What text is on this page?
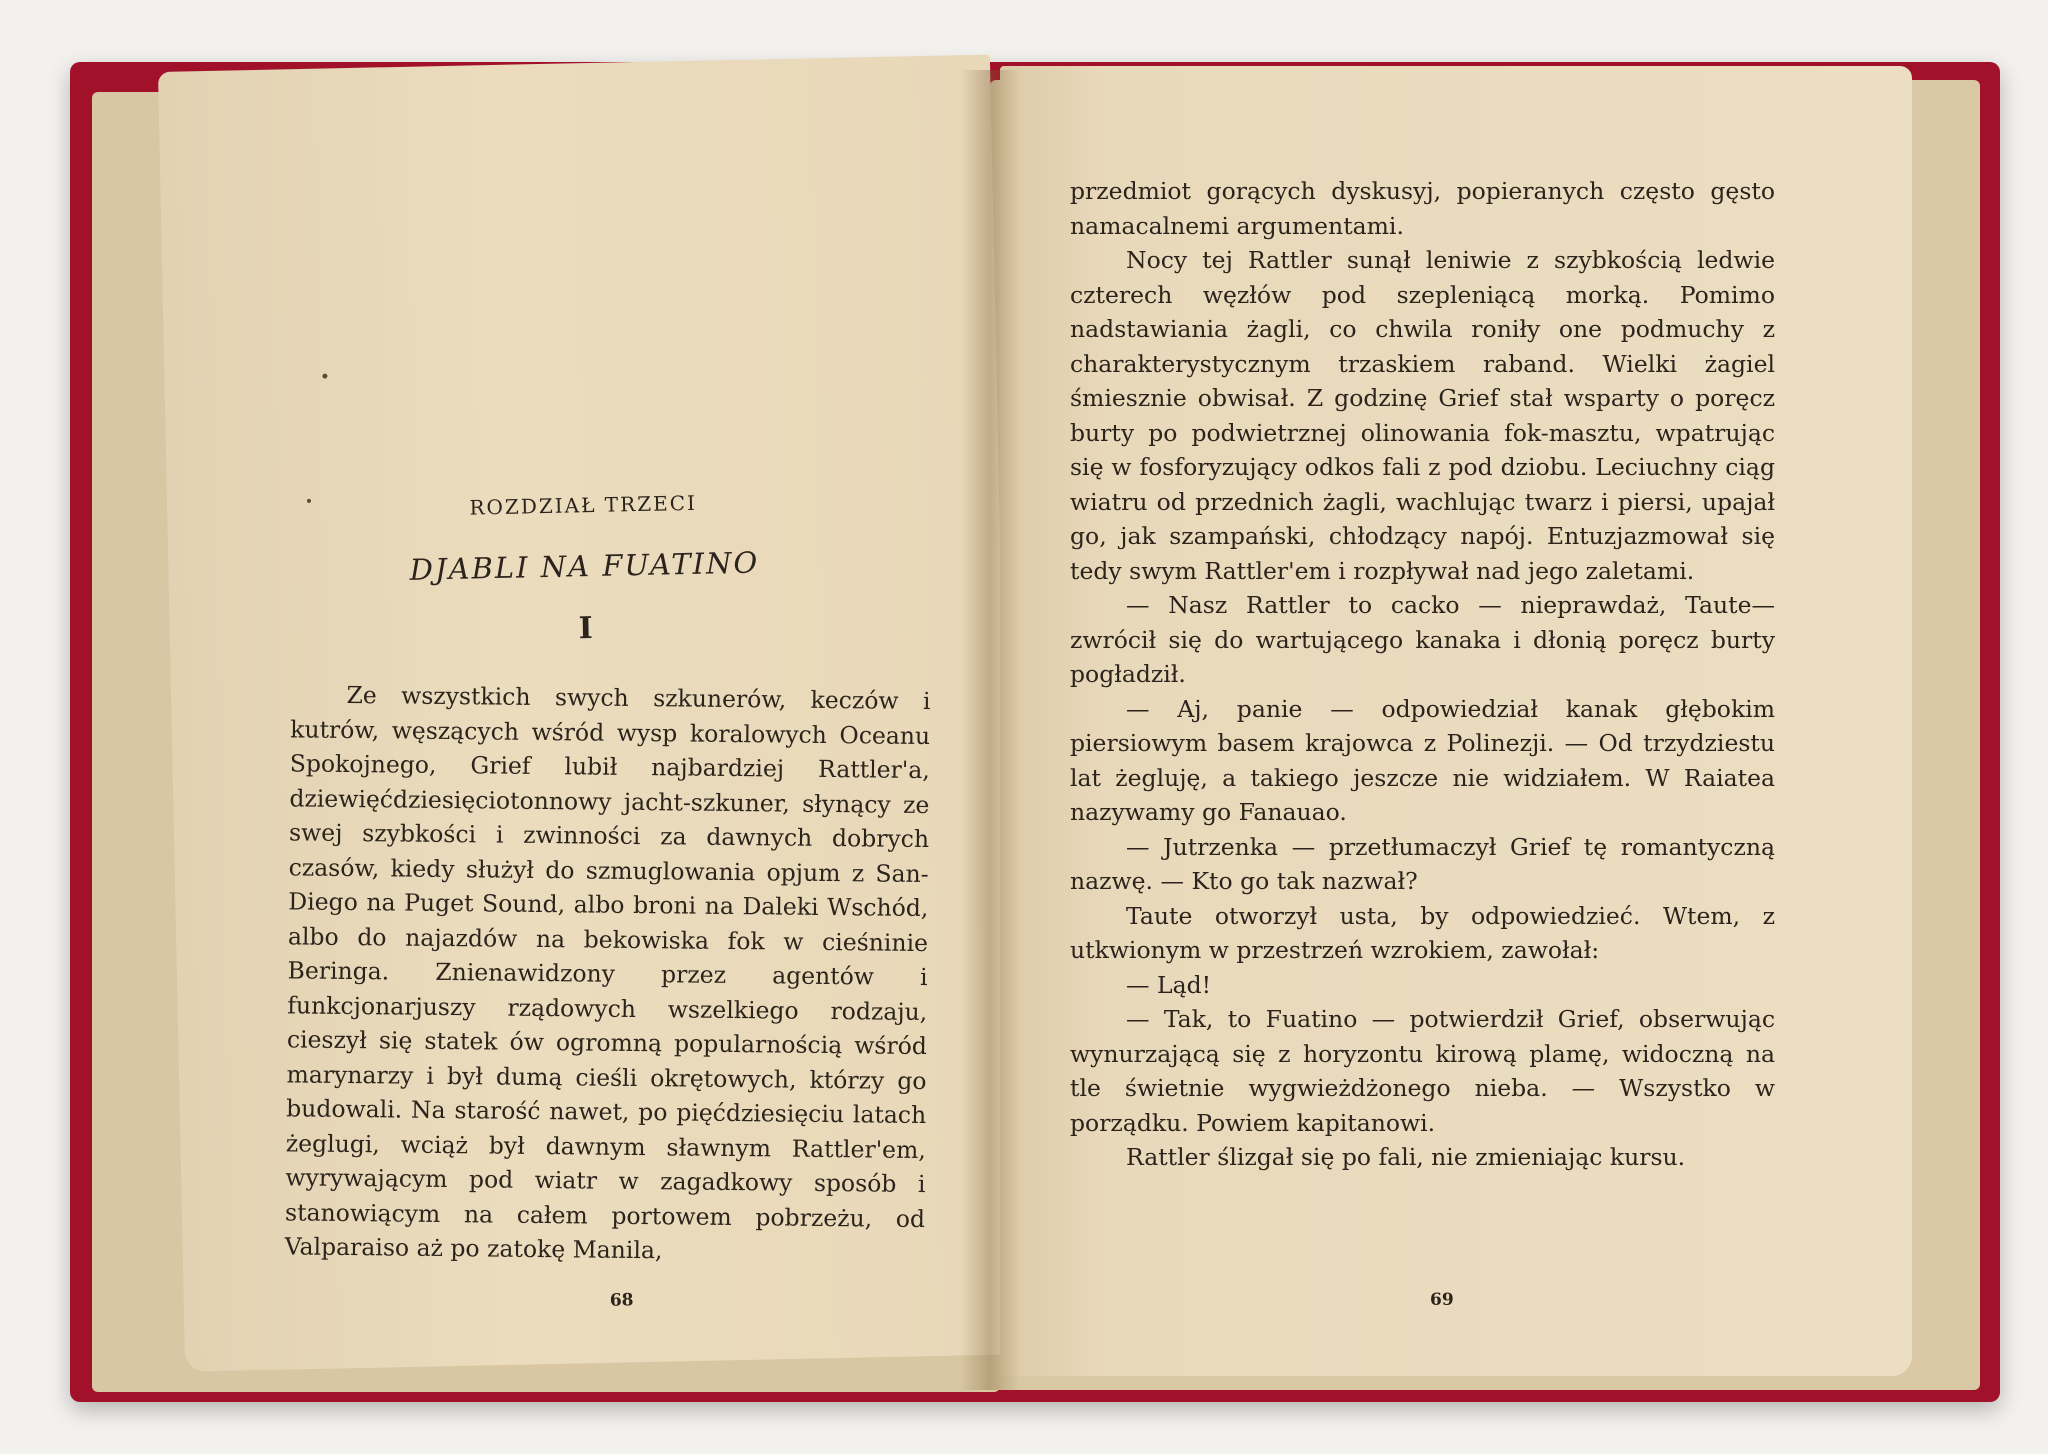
ROZDZIAŁ TRZECI
DJABLI NA FUATINO
I

Ze wszystkich swych szkunerów, keczów i kutrów, węszących wśród wysp koralowych Oceanu Spokojnego, Grief lubił najbardziej Rattler'a, dziewięćdziesięciotonnowy jacht-szkuner, słynący ze swej szybkości i zwinności za dawnych dobrych czasów, kiedy służył do szmuglowania opjum z San-Diego na Puget Sound, albo broni na Daleki Wschód, albo do najazdów na bekowiska fok w cieśninie Beringa. Znienawidzony przez agentów i funkcjonarjuszy rządowych wszelkiego rodzaju, cieszył się statek ów ogromną popularnością wśród marynarzy i był dumą cieśli okrętowych, którzy go budowali. Na starość nawet, po pięćdziesięciu latach żeglugi, wciąż był dawnym sławnym Rattler'em, wyrywającym pod wiatr w zagadkowy sposób i stanowiącym na całem portowem pobrzeżu, od Valparaiso aż po zatokę Manila,

68

przedmiot gorących dyskusyj, popieranych często gęsto namacalnemi argumentami.

Nocy tej Rattler sunął leniwie z szybkością ledwie czterech węzłów pod szepleniącą morką. Pomimo nadstawiania żagli, co chwila roniły one podmuchy z charakterystycznym trzaskiem raband. Wielki żagiel śmiesznie obwisał. Z godzinę Grief stał wsparty o poręcz burty po podwietrznej olinowania fok-masztu, wpatrując się w fosforyzujący odkos fali z pod dziobu. Leciuchny ciąg wiatru od przednich żagli, wachlując twarz i piersi, upajał go, jak szampański, chłodzący napój. Entuzjazmował się tedy swym Rattler'em i rozpływał nad jego zaletami.

— Nasz Rattler to cacko — nieprawdaż, Taute— zwrócił się do wartującego kanaka i dłonią poręcz burty pogładził.

— Aj, panie — odpowiedział kanak głębokim piersiowym basem krajowca z Polinezji. — Od trzydziestu lat żegluję, a takiego jeszcze nie widziałem. W Raiatea nazywamy go Fanauao.

— Jutrzenka — przetłumaczył Grief tę romantyczną nazwę. — Kto go tak nazwał?

Taute otworzył usta, by odpowiedzieć. Wtem, z utkwionym w przestrzeń wzrokiem, zawołał:

— Ląd!

— Tak, to Fuatino — potwierdził Grief, obserwując wynurzającą się z horyzontu kirową plamę, widoczną na tle świetnie wygwieżdżonego nieba. — Wszystko w porządku. Powiem kapitanowi.

Rattler ślizgał się po fali, nie zmieniając kursu.

69
